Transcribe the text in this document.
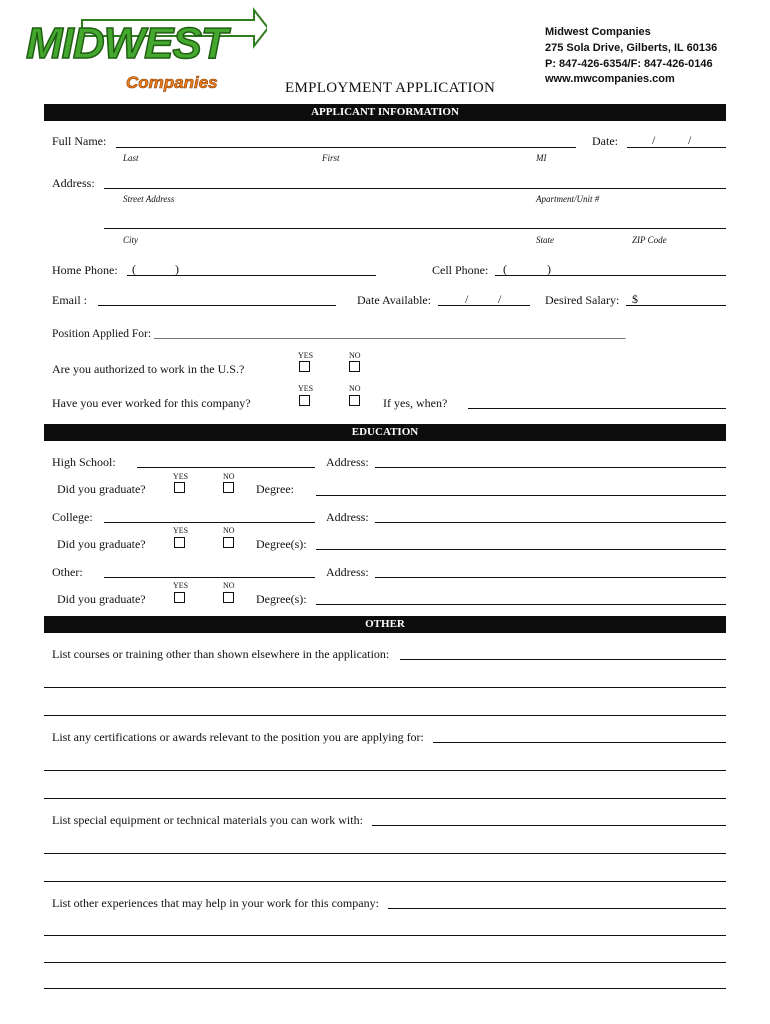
MIDWEST
Companies	EMPLOYMENT APPLICATION
Midwest Companies
275 Sola Drive, Gilberts, IL 60136
P: 847-426-6354/F: 847-426-0146
www.mwcompanies.com
APPLICANT INFORMATION
Full Name:	Date:	/	/
Last	First	MI
Address:
Street Address	Apartment/Unit #
City	State	ZIP Code
Home Phone: (	)	Cell Phone: (	)
Email :	Date Available:	/ /	Desired Salary: $
Position Applied For: __________________________________________________________________________________
YES	NO
Are you authorized to work in the U.S.?
YES	NO
Have you ever worked for this company?	If yes, when?
EDUCATION
High School:	Address:
YES	NO
Did you graduate?	Degree:
College:	Address:
YES	NO
Did you graduate?	Degree(s):
Other:	Address:
YES	NO
Did you graduate?	Degree(s):
OTHER
List courses or training other than shown elsewhere in the application:
List any certifications or awards relevant to the position you are applying for:
List special equipment or technical materials you can work with:
List other experiences that may help in your work for this company:
